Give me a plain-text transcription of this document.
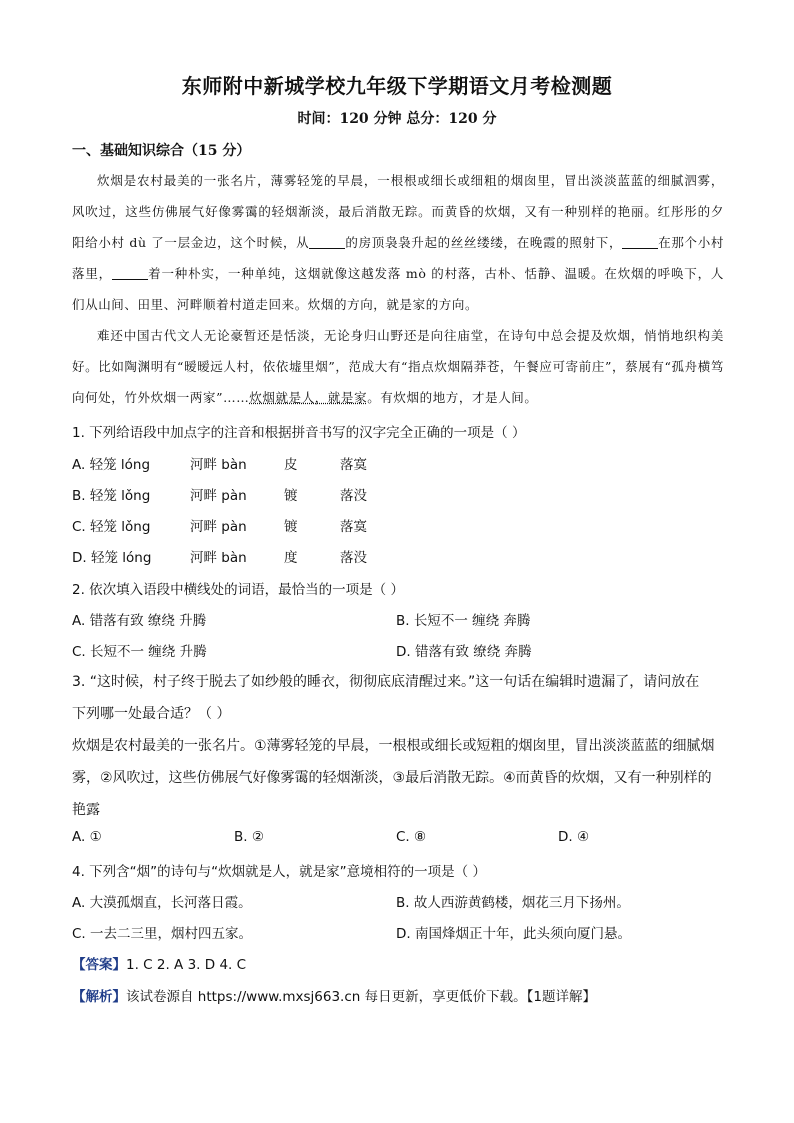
东师附中新城学校九年级下学期语文月考检测题
时间：120 分钟 总分：120 分
一、基础知识综合（15 分）

炊烟是农村最美的一张名片，薄雾轻笼的早晨，一根根或细长或细粗的烟囱里，冒出淡淡蓝蓝的细腻泗雾，风吹过，这些仿佛展气好像雾霭的轻烟渐淡，最后消散无踪。而黄昏的炊烟，又有一种别样的艳丽。红彤彤的夕阳给小村 dù 了一层金边，这个时候，从	的房顶袅袅升起的丝丝缕缕，在晚霞的照射下，	在那个小村落里，	着一种朴实，一种单纯，这烟就像这越发落 mò 的村落，古朴、恬静、温暖。在炊烟的呼唤下，人们从山间、田里、河畔顺着村道走回来。炊烟的方向，就是家的方向。

难还中国古代文人无论豪暂还是恬淡，无论身归山野还是向往庙堂，在诗句中总会提及炊烟，悄悄地织构美好。比如陶渊明有“暧暧远人村，依依墟里烟”，范成大有“指点炊烟隔莽苍，午餐应可寄前庄”，蔡展有“孤舟横笃向何处，竹外炊烟一两家”……炊烟就是人，就是家。有炊烟的地方，才是人间。

1. 下列给语段中加点字的注音和根据拼音书写的汉字完全正确的一项是（ ）
A. 轻笼 lóng	河畔 bàn	皮	落寞
B. 轻笼 lǒng	河畔 pàn	镀	落没
C. 轻笼 lǒng	河畔 pàn	镀	落寞
D. 轻笼 lóng	河畔 bàn	度	落没
2. 依次填入语段中横线处的词语，最恰当的一项是（ ）
A. 错落有致 缭绕 升腾	B. 长短不一 缠绕 奔腾
C. 长短不一 缠绕 升腾	D. 错落有致 缭绕 奔腾
3. “这时候，村子终于脱去了如纱般的睡衣，彻彻底底清醒过来。”这一句话在编辑时遗漏了，请问放在
下列哪一处最合适？（ ）
炊烟是农村最美的一张名片。①薄雾轻笼的早晨，一根根或细长或短粗的烟囱里，冒出淡淡蓝蓝的细腻烟
雾，②风吹过，这些仿佛展气好像雾霭的轻烟渐淡，③最后消散无踪。④而黄昏的炊烟，又有一种别样的
艳露
A. ①	B. ②	C. ⑧	D. ④
4. 下列含“烟”的诗句与“炊烟就是人，就是家”意境相符的一项是（ ）
A. 大漠孤烟直，长河落日霞。	B. 故人西游黄鹤楼，烟花三月下扬州。
C. 一去二三里，烟村四五家。	D. 南国烽烟正十年，此头须向厦门悬。
【答案】1. C 2. A 3. D 4. C
【解析】该试卷源自 https://www.mxsj663.cn 每日更新，享更低价下载。【1题详解】
